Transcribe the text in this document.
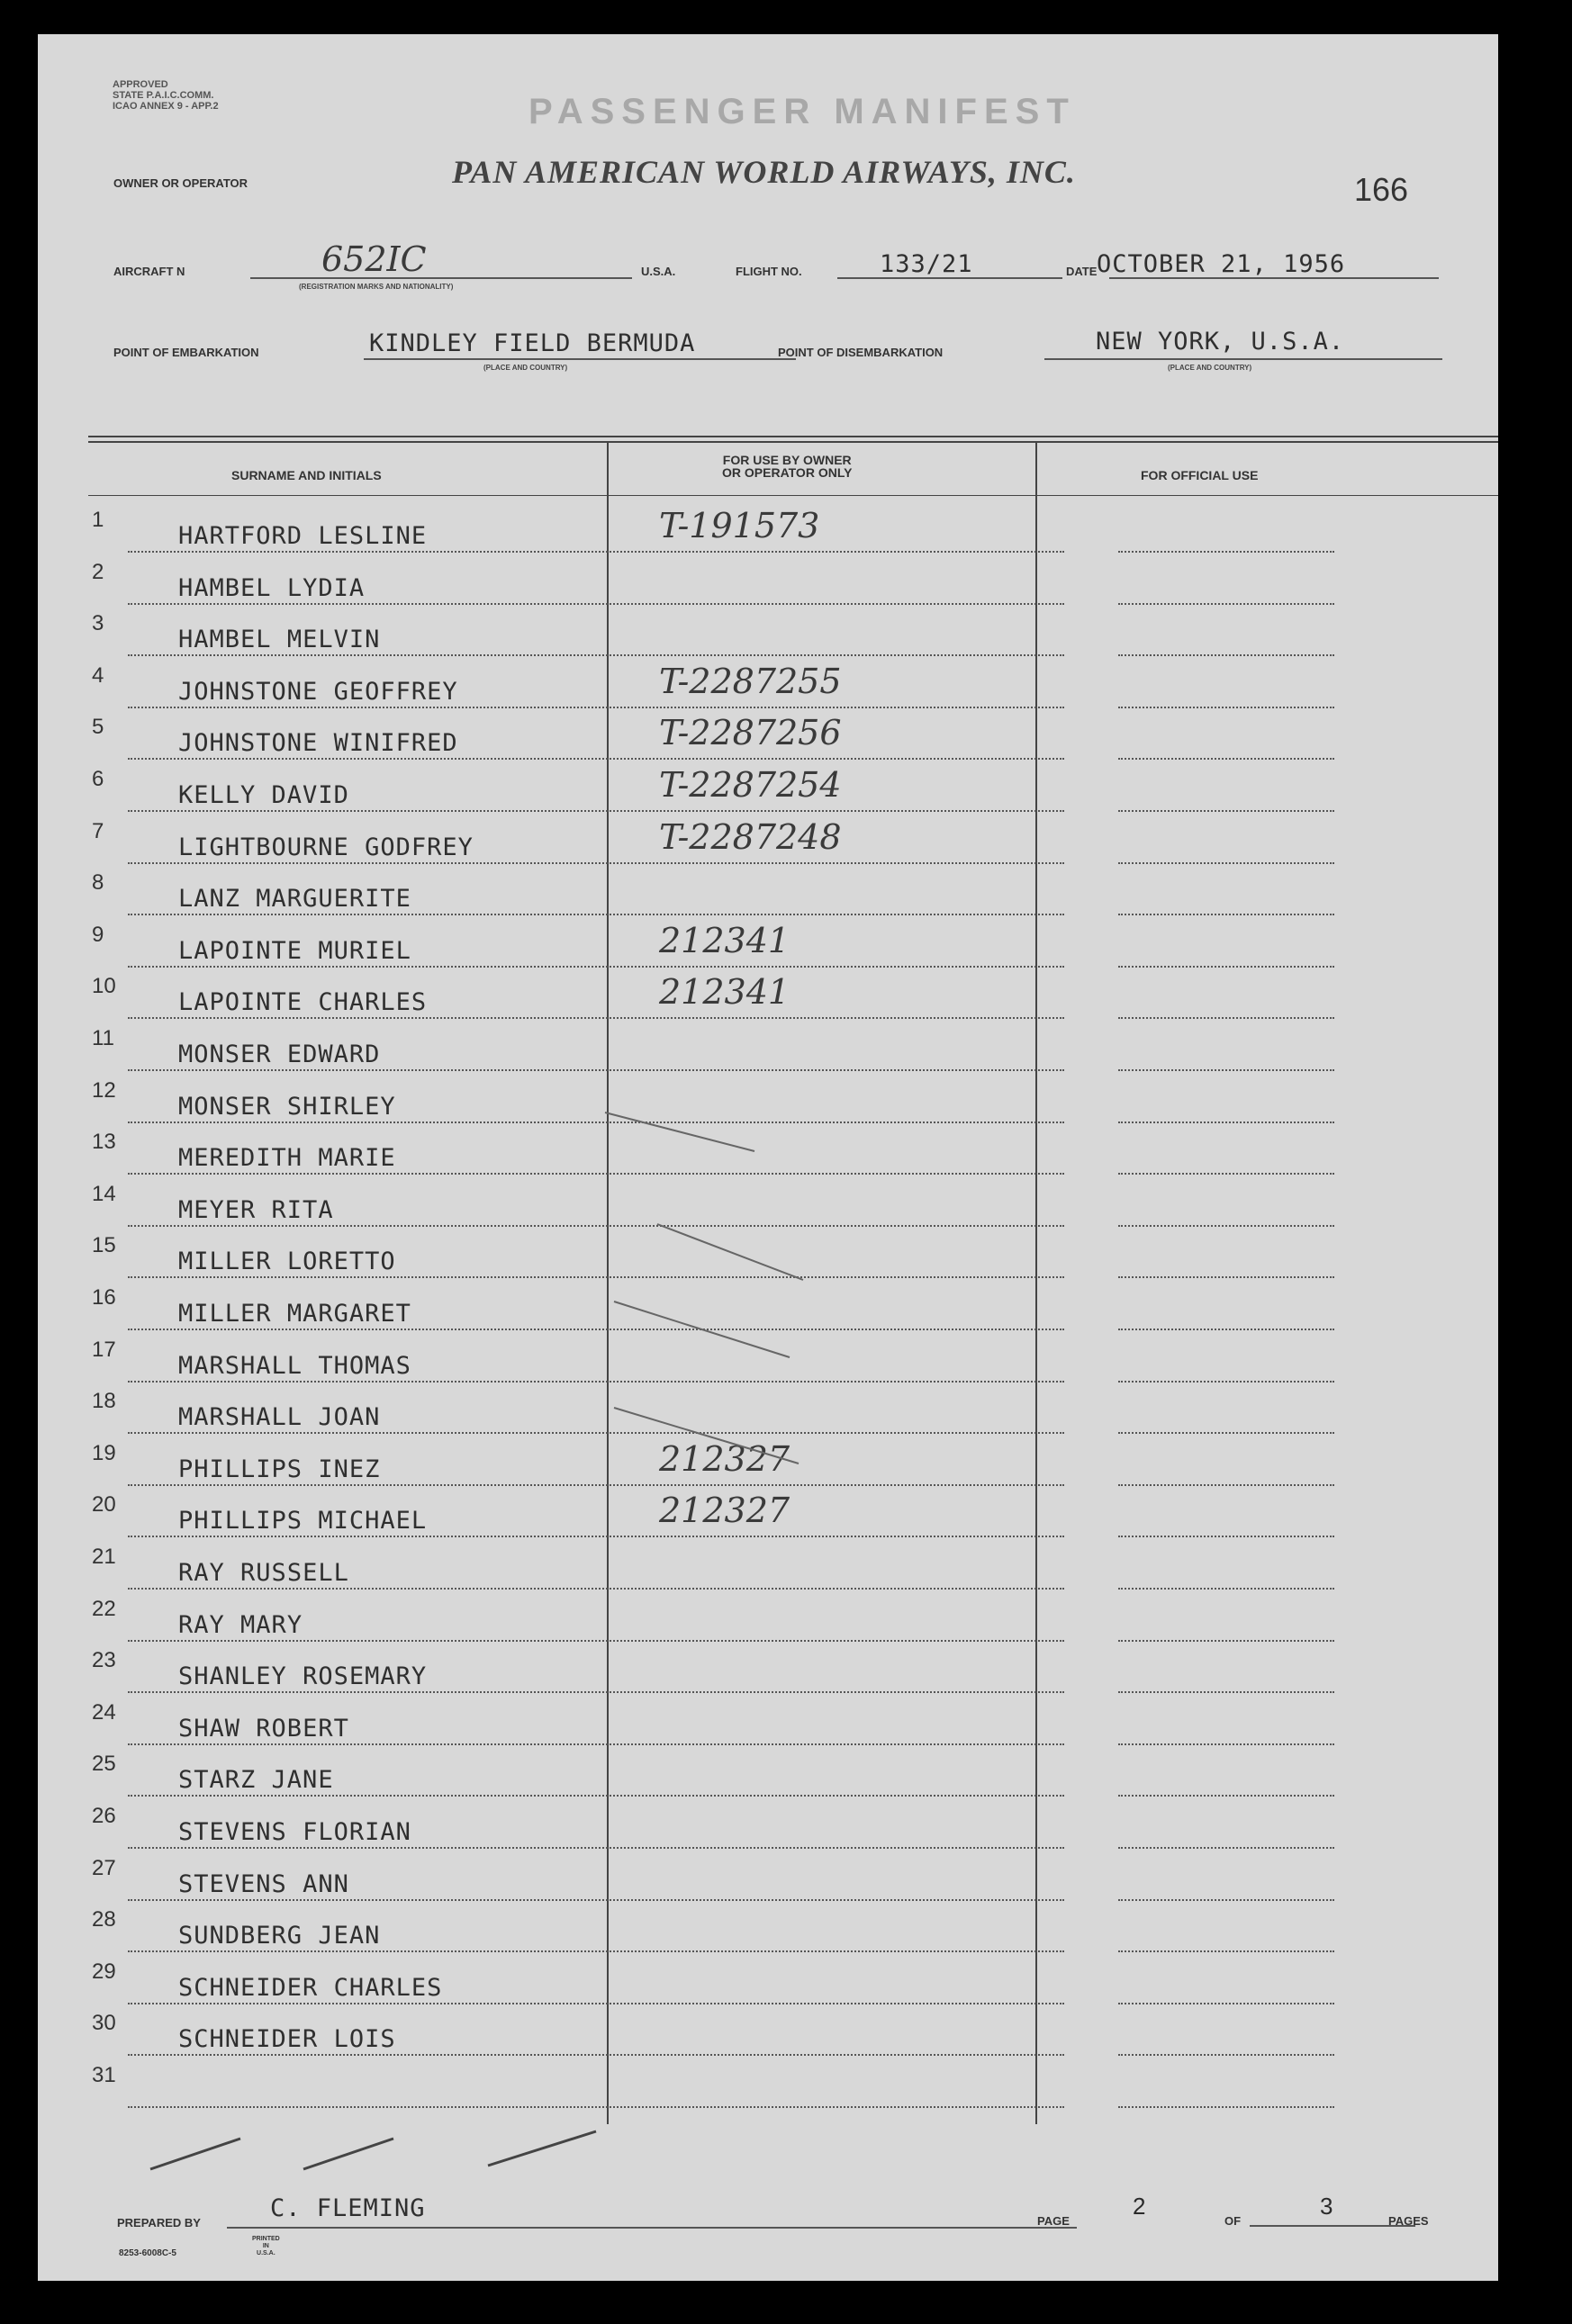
APPROVED
STATE P.A.I.C.COMM.
ICAO ANNEX 9 - APP.2	PASSENGER MANIFEST
OWNER OR OPERATOR	PAN AMERICAN WORLD AIRWAYS, INC.	166
AIRCRAFT N	652IC
(REGISTRATION MARKS AND NATIONALITY)
U.S.A.	FLIGHT NO.	133/21	DATE OCTOBER 21, 1956
POINT OF EMBARKATION	KINDLEY FIELD BERMUDA
(PLACE AND COUNTRY)
POINT OF DISEMBARKATION	NEW YORK, U.S.A.
(PLACE AND COUNTRY)
SURNAME AND INITIALS
FOR USE BY OWNER
OR OPERATOR ONLY	FOR OFFICIAL USE
1
HARTFORD LESLINE	T-191573
2
HAMBEL LYDIA
3
HAMBEL MELVIN
4
JOHNSTONE GEOFFREY	T-2287255
5
JOHNSTONE WINIFRED	T-2287256
6
KELLY DAVID	T-2287254
7
LIGHTBOURNE GODFREY	T-2287248
8
LANZ MARGUERITE
9
LAPOINTE MURIEL	212341
10
LAPOINTE CHARLES	212341
11
MONSER EDWARD
12
MONSER SHIRLEY
13
MEREDITH MARIE
14
MEYER RITA
15
MILLER LORETTO
16
MILLER MARGARET
17
MARSHALL THOMAS
18
MARSHALL JOAN
19
PHILLIPS INEZ	212327
20
PHILLIPS MICHAEL	212327
21
RAY RUSSELL
22
RAY MARY
23
SHANLEY ROSEMARY
24
SHAW ROBERT
25
STARZ JANE
26
STEVENS FLORIAN
27
STEVENS ANN
28
SUNDBERG JEAN
29
SCHNEIDER CHARLES
30
SCHNEIDER LOIS
31
PREPARED BY
C. FLEMING	PAGE
2
OF
3
PAGES
8253-6008C-5
PRINTED
IN
U.S.A.
